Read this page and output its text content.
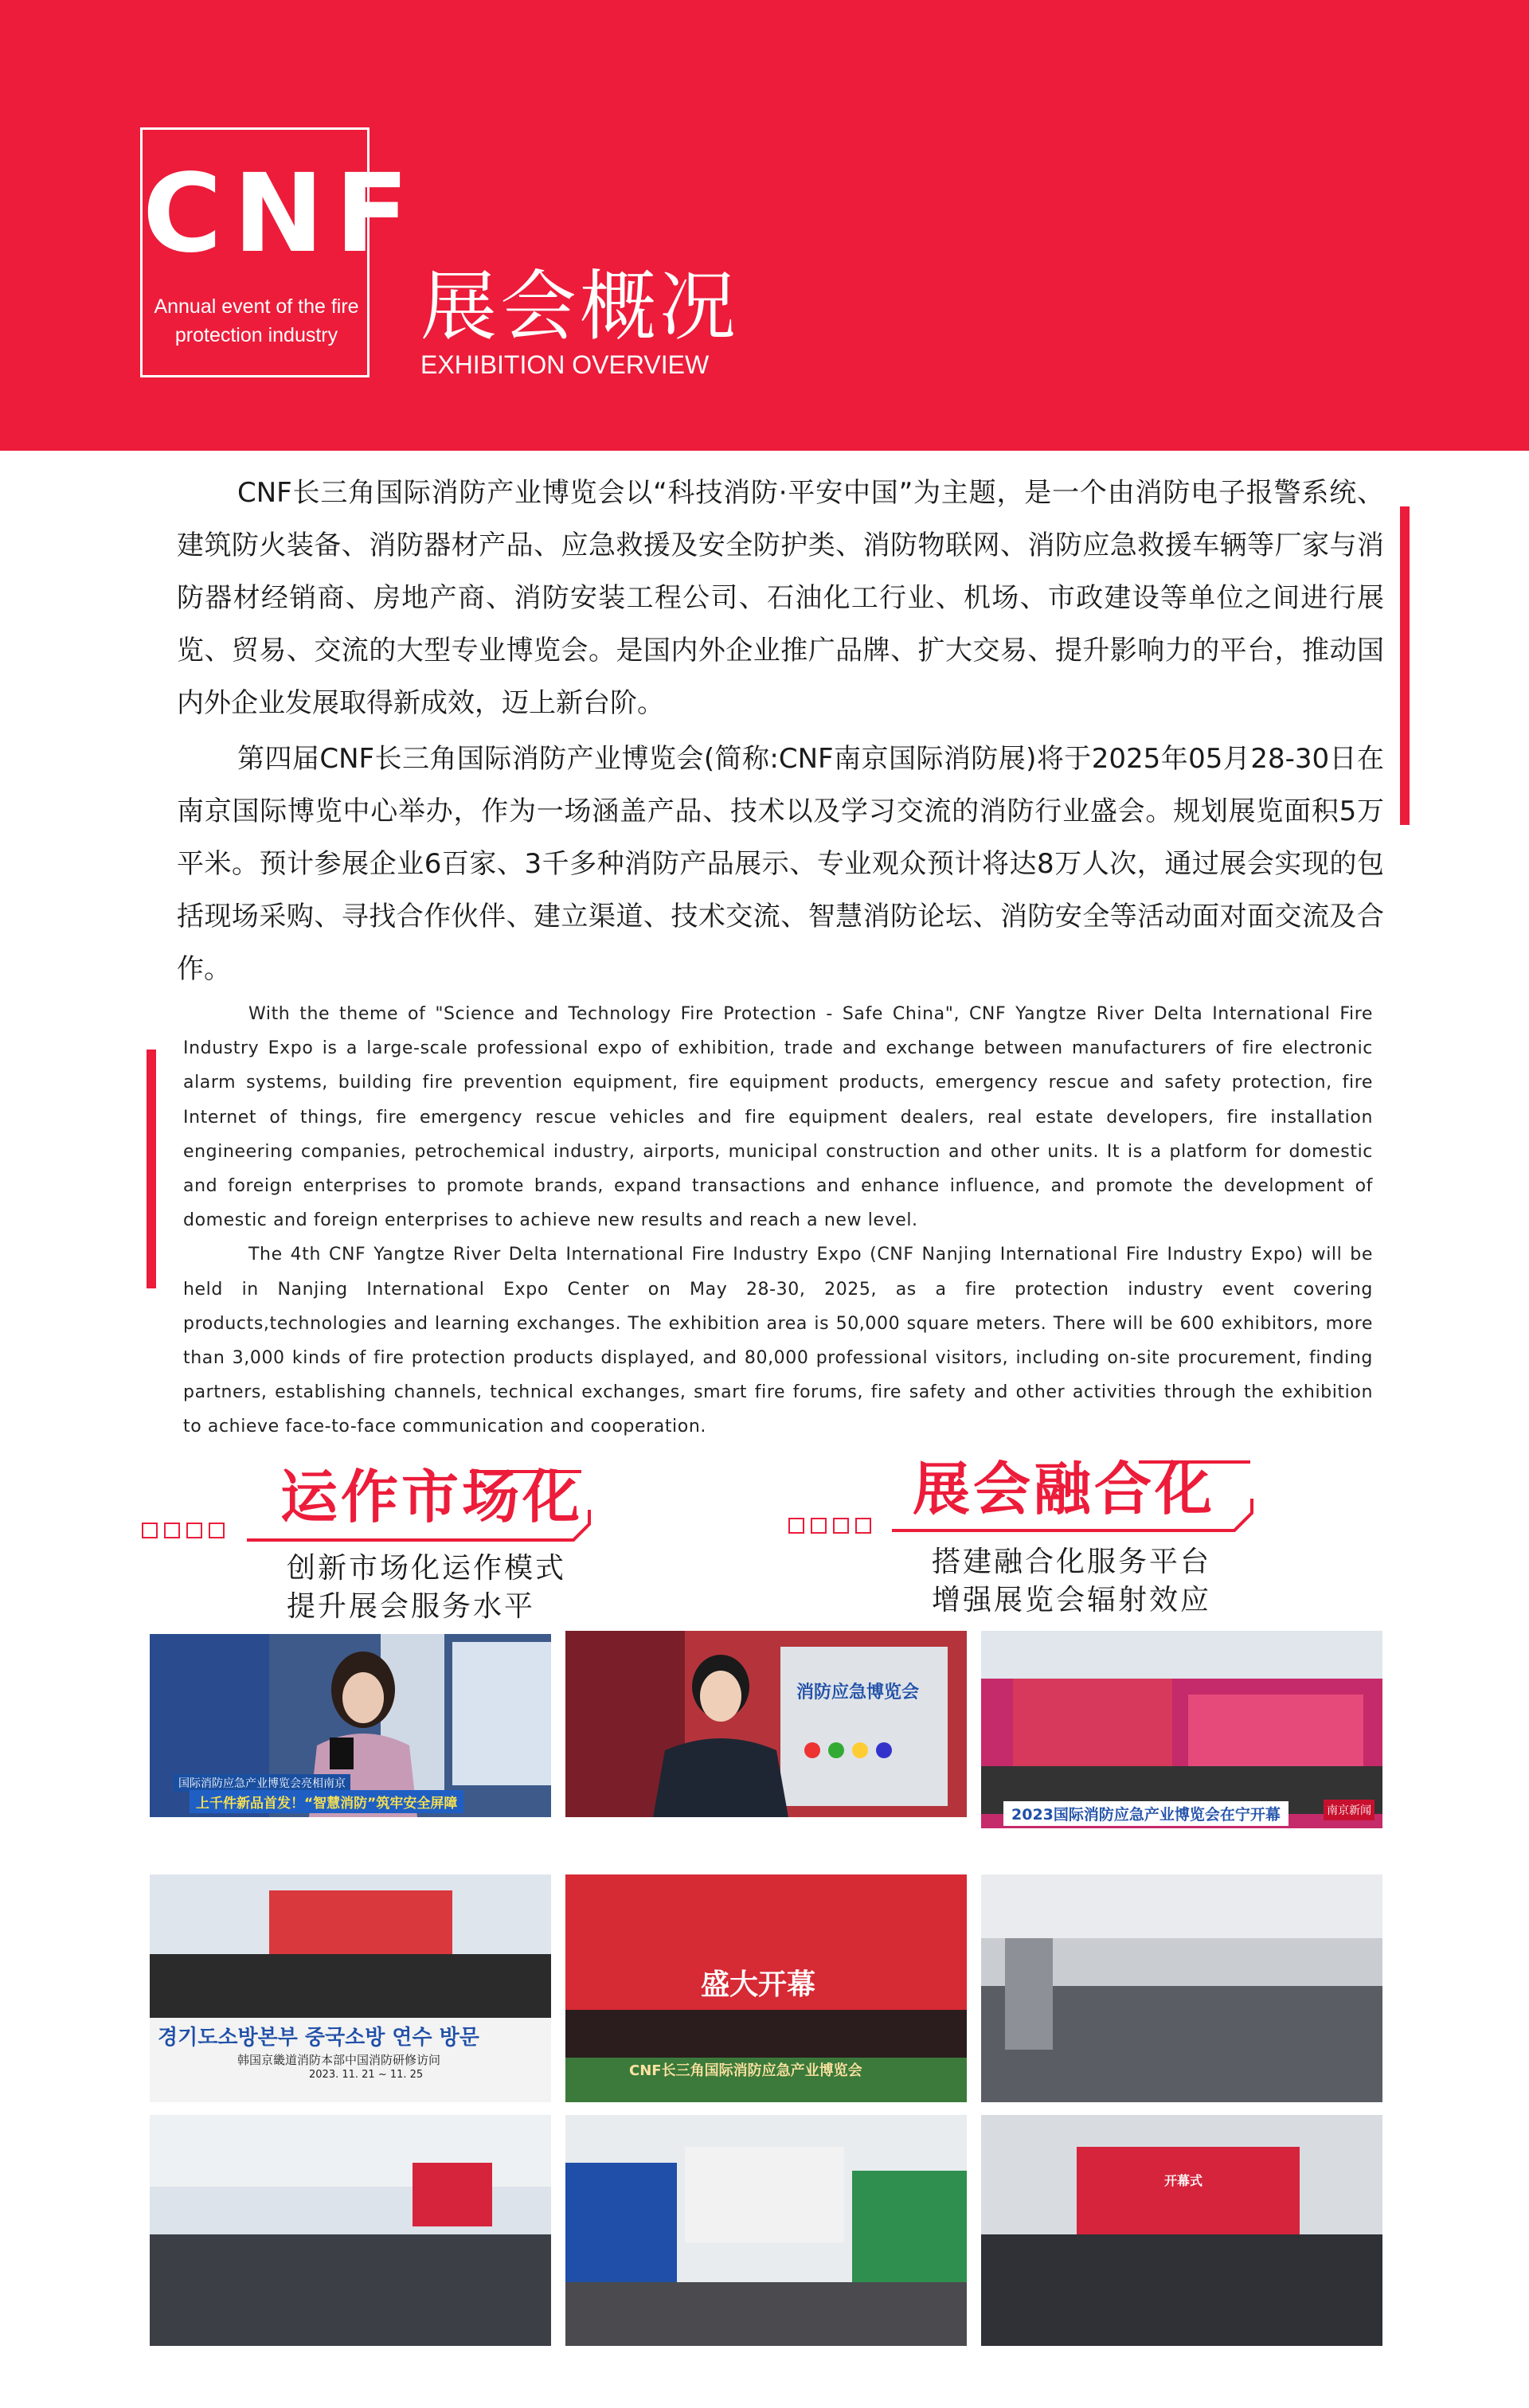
CNF
Annual event of the fire
protection industry	展会概况
EXHIBITION OVERVIEW

CNF长三角国际消防产业博览会以“科技消防·平安中国”为主题，是一个由消防电子报警系统、建筑防火装备、消防器材产品、应急救援及安全防护类、消防物联网、消防应急救援车辆等厂家与消防器材经销商、房地产商、消防安装工程公司、石油化工行业、机场、市政建设等单位之间进行展览、贸易、交流的大型专业博览会。是国内外企业推广品牌、扩大交易、提升影响力的平台，推动国内外企业发展取得新成效，迈上新台阶。

第四届CNF长三角国际消防产业博览会(简称:CNF南京国际消防展)将于2025年05月28-30日在南京国际博览中心举办，作为一场涵盖产品、技术以及学习交流的消防行业盛会。规划展览面积5万平米。预计参展企业6百家、3千多种消防产品展示、专业观众预计将达8万人次，通过展会实现的包括现场采购、寻找合作伙伴、建立渠道、技术交流、智慧消防论坛、消防安全等活动面对面交流及合作。

With the theme of "Science and Technology Fire Protection - Safe China", CNF Yangtze River Delta International Fire Industry Expo is a large-scale professional expo of exhibition, trade and exchange between manufacturers of fire electronic alarm systems, building fire prevention equipment, fire equipment products, emergency rescue and safety protection, fire Internet of things, fire emergency rescue vehicles and fire equipment dealers, real estate developers, fire installation engineering companies, petrochemical industry, airports, municipal construction and other units. It is a platform for domestic and foreign enterprises to promote brands, expand transactions and enhance influence, and promote the development of domestic and foreign enterprises to achieve new results and reach a new level.

The 4th CNF Yangtze River Delta International Fire Industry Expo (CNF Nanjing International Fire Industry Expo) will be held in Nanjing International Expo Center on May 28-30, 2025, as a fire protection industry event covering products,technologies and learning exchanges. The exhibition area is 50,000 square meters. There will be 600 exhibitors, more than 3,000 kinds of fire protection products displayed, and 80,000 professional visitors, including on-site procurement, finding partners, establishing channels, technical exchanges, smart fire forums, fire safety and other activities through the exhibition to achieve face-to-face communication and cooperation.

运作市场化
创新市场化运作模式
提升展会服务水平
展会融合化
搭建融合化服务平台
增强展览会辐射效应
国际消防应急产业博览会亮相南京
上千件新品首发！“智慧消防”筑牢安全屏障
消防应急博览会
2023国际消防应急产业博览会在宁开幕	南京新闻
경기도소방본부 중국소방 연수 방문
韩国京畿道消防本部中国消防研修访问
2023. 11. 21 ~ 11. 25
盛大开幕
CNF长三角国际消防应急产业博览会
开幕式
